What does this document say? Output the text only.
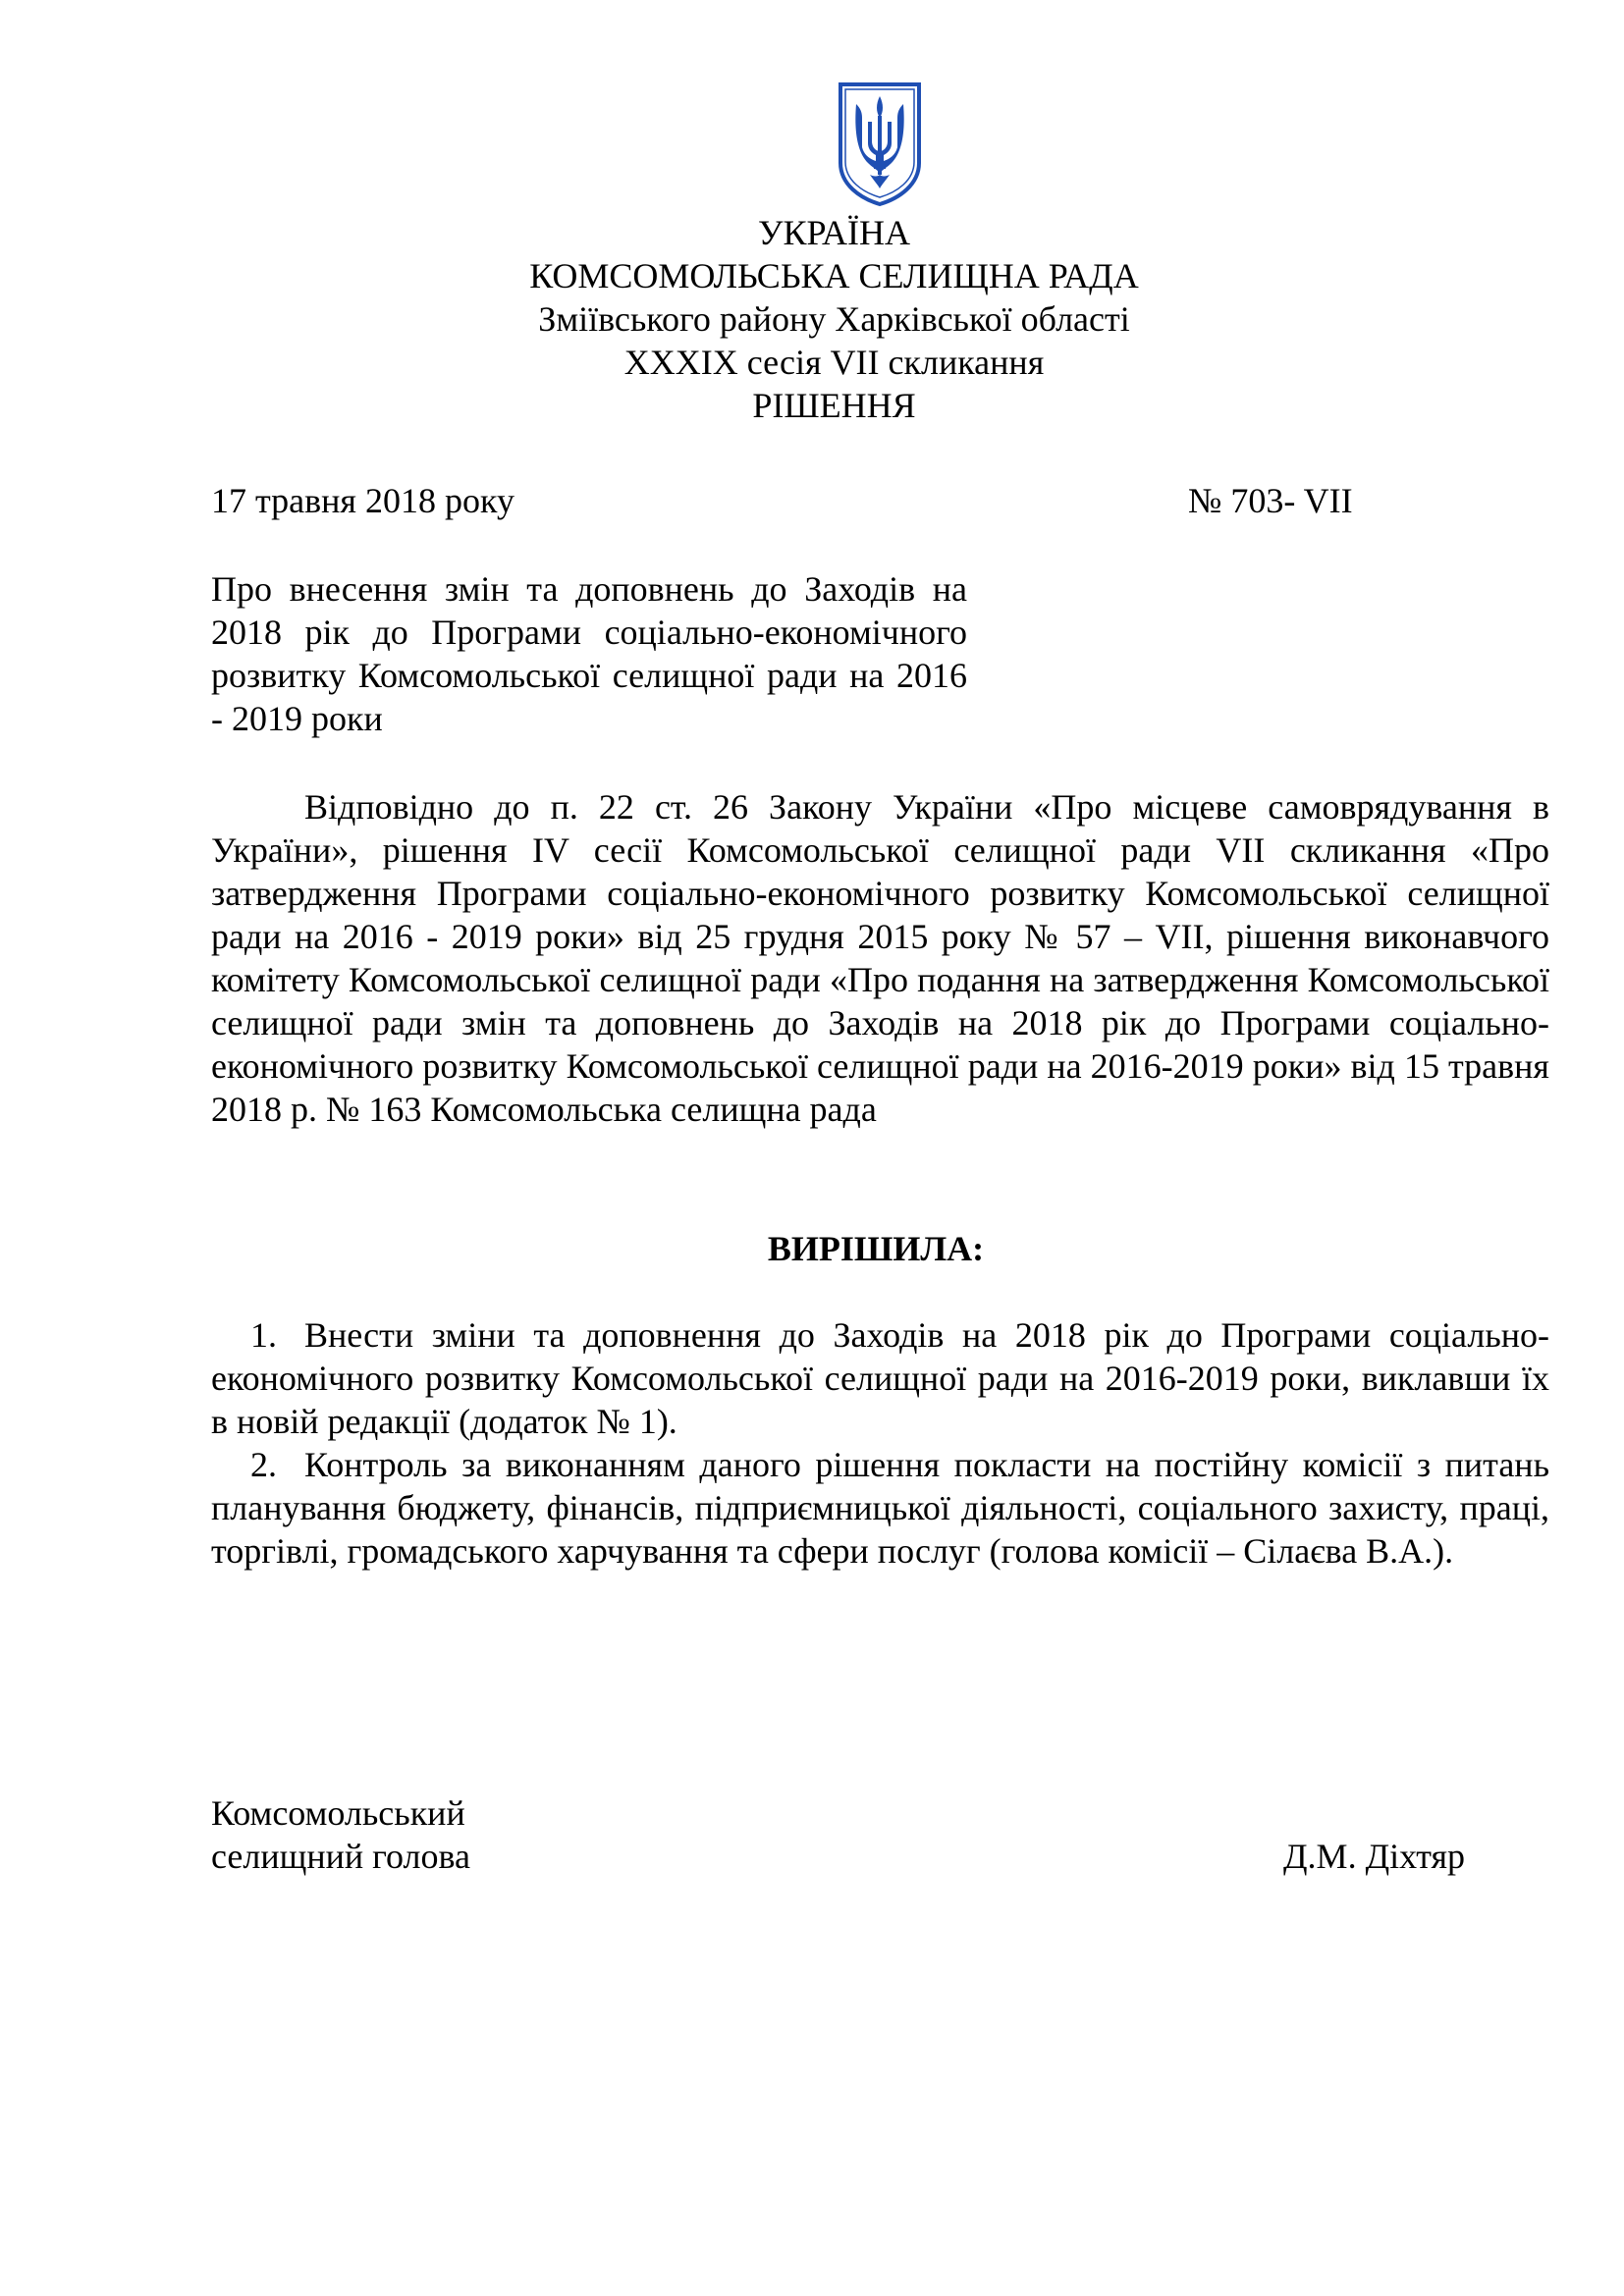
УКРАЇНА
КОМСОМОЛЬСЬКА СЕЛИЩНА РАДА
Зміївського району Харківської області
XXXIX сесія VII скликання
РІШЕННЯ
17 травня 2018 року	№ 703- VII
Про внесення змін та доповнень до Заходів на 2018 рік до Програми соціально-економічного розвитку Комсомольської селищної ради на 2016 - 2019 роки
Відповідно до п. 22 ст. 26 Закону України «Про місцеве самоврядування в України», рішення IV сесії Комсомольської селищної ради VII скликання «Про затвердження Програми соціально-економічного розвитку Комсомольської селищної ради на 2016 - 2019 роки» від 25 грудня 2015 року № 57 – VII, рішення виконавчого комітету Комсомольської селищної ради «Про подання на затвердження Комсомольської селищної ради змін та доповнень до Заходів на 2018 рік до Програми соціально-економічного розвитку Комсомольської селищної ради на 2016-2019 роки» від 15 травня 2018 р. № 163 Комсомольська селищна рада
ВИРІШИЛА:

1. Внести зміни та доповнення до Заходів на 2018 рік до Програми соціально-економічного розвитку Комсомольської селищної ради на 2016-2019 роки, виклавши їх в новій редакції (додаток № 1).

2. Контроль за виконанням даного рішення покласти на постійну комісії з питань планування бюджету, фінансів, підприємницької діяльності, соціального захисту, праці, торгівлі, громадського харчування та сфери послуг (голова комісії – Сілаєва В.А.).

Комсомольський
селищний голова	Д.М. Діхтяр
